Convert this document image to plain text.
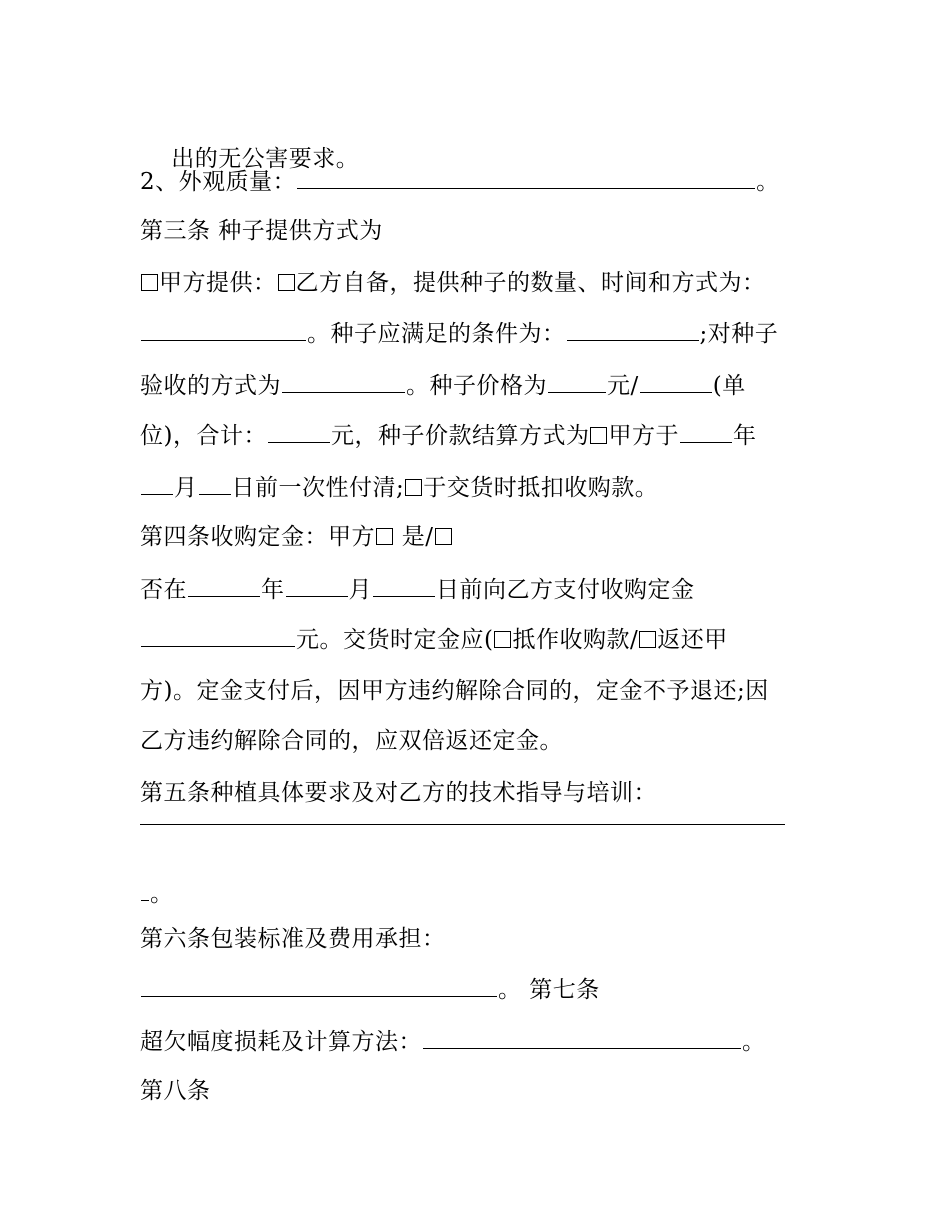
出的无公害要求。

2、外观质量：	。
第三条 种子提供方式为
甲方提供： 乙方自备，提供种子的数量、时间和方式为：
。种子应满足的条件为：	;对种子
验收的方式为	。种子价格为	元/	(单
位)，合计：	元，种子价款结算方式为 甲方于 年
月 日前一次性付清; 于交货时抵扣收购款。
第四条收购定金：甲方 是/
否在	年	月	日前向乙方支付收购定金
元。交货时定金应( 抵作收购款/ 返还甲
方)。定金支付后，因甲方违约解除合同的，定金不予退还;因
乙方违约解除合同的，应双倍返还定金。
第五条种植具体要求及对乙方的技术指导与培训：
。
第六条包装标准及费用承担：
。 第七条
超欠幅度损耗及计算方法：	。
第八条
